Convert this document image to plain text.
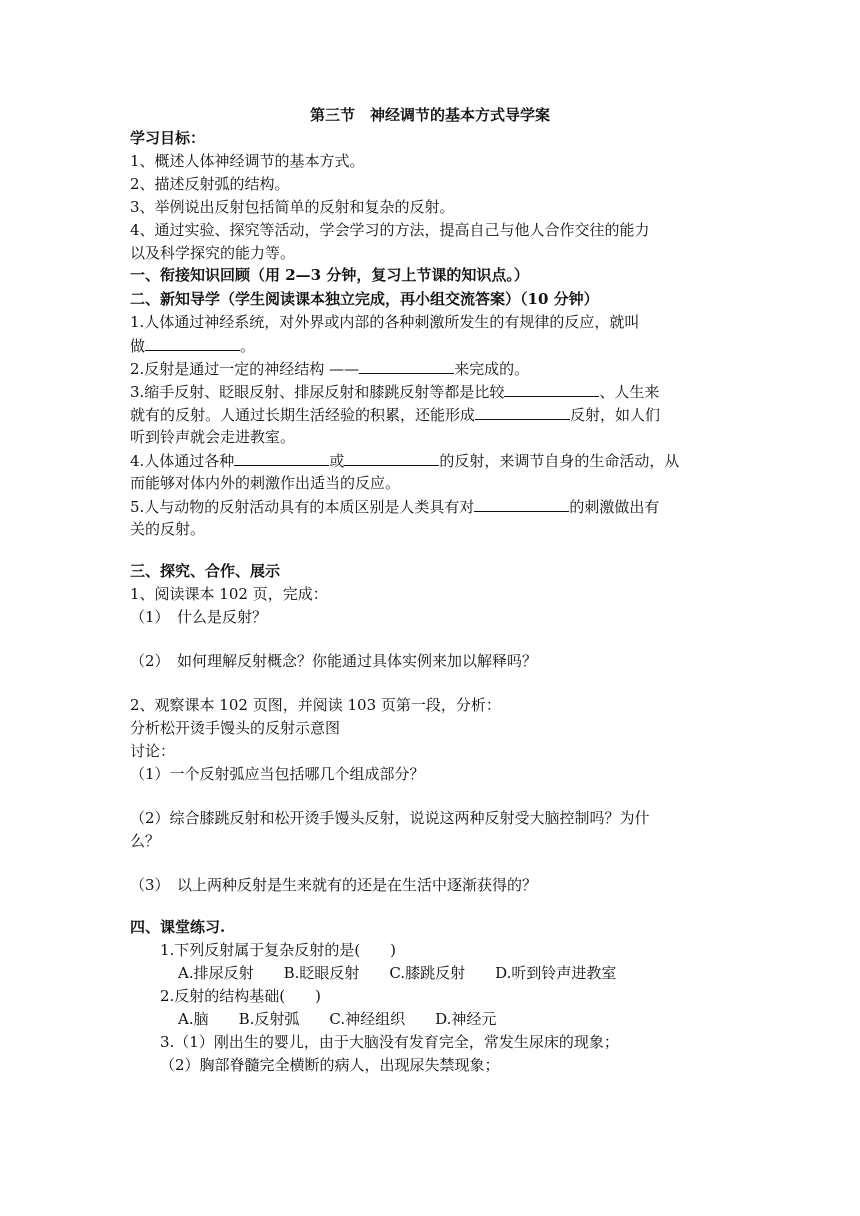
第三节　神经调节的基本方式导学案
学习目标：
1、概述人体神经调节的基本方式。
2、描述反射弧的结构。
3、举例说出反射包括简单的反射和复杂的反射。
4、通过实验、探究等活动，学会学习的方法，提高自己与他人合作交往的能力
以及科学探究的能力等。
一、衔接知识回顾（用 2—3 分钟，复习上节课的知识点。）
二、新知导学（学生阅读课本独立完成，再小组交流答案）（10 分钟）
1.人体通过神经系统，对外界或内部的各种刺激所发生的有规律的反应，就叫
做	。
2.反射是通过一定的神经结构 ——	来完成的。
3.缩手反射、眨眼反射、排尿反射和膝跳反射等都是比较	、人生来
就有的反射。人通过长期生活经验的积累，还能形成	反射，如人们
听到铃声就会走进教室。
4.人体通过各种	或	的反射，来调节自身的生命活动，从
而能够对体内外的刺激作出适当的反应。
5.人与动物的反射活动具有的本质区别是人类具有对	的刺激做出有
关的反射。
三、探究、合作、展示
1、阅读课本 102 页，完成：
（1）　什么是反射？
（2）　如何理解反射概念？你能通过具体实例来加以解释吗？
2、观察课本 102 页图，并阅读 103 页第一段，分析：
分析松开烫手馒头的反射示意图
讨论：
（1）一个反射弧应当包括哪几个组成部分？
（2）综合膝跳反射和松开烫手馒头反射，说说这两种反射受大脑控制吗？为什
么？
（3）　以上两种反射是生来就有的还是在生活中逐渐获得的？
四、课堂练习.
1.下列反射属于复杂反射的是(　　)
A.排尿反射　　B.眨眼反射　　C.膝跳反射　　D.听到铃声进教室
2.反射的结构基础(　　)
A.脑　　B.反射弧　　C.神经组织　　D.神经元
3.（1）刚出生的婴儿，由于大脑没有发育完全，常发生尿床的现象；
（2）胸部脊髓完全横断的病人，出现尿失禁现象；
